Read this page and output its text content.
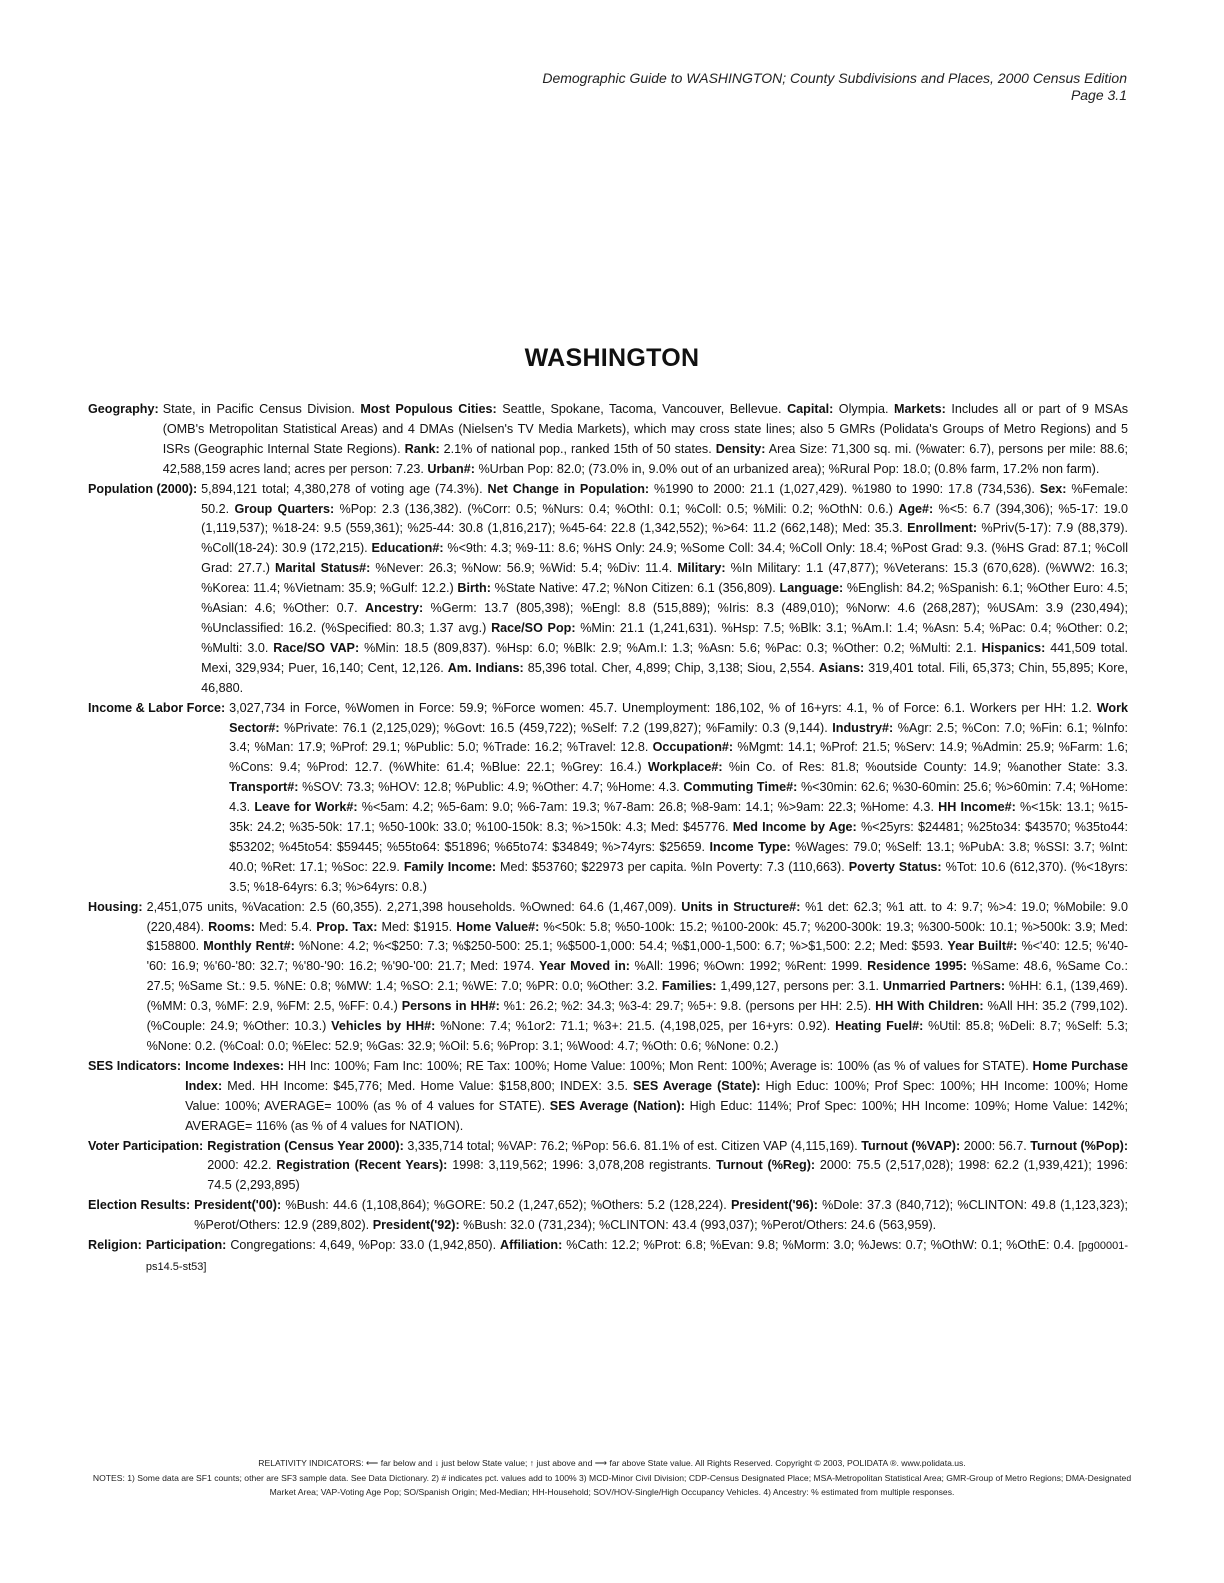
Demographic Guide to WASHINGTON; County Subdivisions and Places, 2000 Census Edition
Page 3.1
WASHINGTON
Geography: State, in Pacific Census Division. Most Populous Cities: Seattle, Spokane, Tacoma, Vancouver, Bellevue. Capital: Olympia. Markets: Includes all or part of 9 MSAs (OMB's Metropolitan Statistical Areas) and 4 DMAs (Nielsen's TV Media Markets), which may cross state lines; also 5 GMRs (Polidata's Groups of Metro Regions) and 5 ISRs (Geographic Internal State Regions). Rank: 2.1% of national pop., ranked 15th of 50 states. Density: Area Size: 71,300 sq. mi. (%water: 6.7), persons per mile: 88.6; 42,588,159 acres land; acres per person: 7.23. Urban#: %Urban Pop: 82.0; (73.0% in, 9.0% out of an urbanized area); %Rural Pop: 18.0; (0.8% farm, 17.2% non farm).
Population (2000): 5,894,121 total; 4,380,278 of voting age (74.3%). Net Change in Population: %1990 to 2000: 21.1 (1,027,429). %1980 to 1990: 17.8 (734,536). Sex: %Female: 50.2. Group Quarters: %Pop: 2.3 (136,382). (%Corr: 0.5; %Nurs: 0.4; %OthI: 0.1; %Coll: 0.5; %Mili: 0.2; %OthN: 0.6.) Age#: %<5: 6.7 (394,306); %5-17: 19.0 (1,119,537); %18-24: 9.5 (559,361); %25-44: 30.8 (1,816,217); %45-64: 22.8 (1,342,552); %>64: 11.2 (662,148); Med: 35.3. Enrollment: %Priv(5-17): 7.9 (88,379). %Coll(18-24): 30.9 (172,215). Education#: %<9th: 4.3; %9-11: 8.6; %HS Only: 24.9; %Some Coll: 34.4; %Coll Only: 18.4; %Post Grad: 9.3. (%HS Grad: 87.1; %Coll Grad: 27.7.) Marital Status#: %Never: 26.3; %Now: 56.9; %Wid: 5.4; %Div: 11.4. Military: %In Military: 1.1 (47,877); %Veterans: 15.3 (670,628). (%WW2: 16.3; %Korea: 11.4; %Vietnam: 35.9; %Gulf: 12.2.) Birth: %State Native: 47.2; %Non Citizen: 6.1 (356,809). Language: %English: 84.2; %Spanish: 6.1; %Other Euro: 4.5; %Asian: 4.6; %Other: 0.7. Ancestry: %Germ: 13.7 (805,398); %Engl: 8.8 (515,889); %Iris: 8.3 (489,010); %Norw: 4.6 (268,287); %USAm: 3.9 (230,494); %Unclassified: 16.2. (%Specified: 80.3; 1.37 avg.) Race/SO Pop: %Min: 21.1 (1,241,631). %Hsp: 7.5; %Blk: 3.1; %Am.I: 1.4; %Asn: 5.4; %Pac: 0.4; %Other: 0.2; %Multi: 3.0. Race/SO VAP: %Min: 18.5 (809,837). %Hsp: 6.0; %Blk: 2.9; %Am.I: 1.3; %Asn: 5.6; %Pac: 0.3; %Other: 0.2; %Multi: 2.1. Hispanics: 441,509 total. Mexi, 329,934; Puer, 16,140; Cent, 12,126. Am. Indians: 85,396 total. Cher, 4,899; Chip, 3,138; Siou, 2,554. Asians: 319,401 total. Fili, 65,373; Chin, 55,895; Kore, 46,880.
Income & Labor Force: 3,027,734 in Force, %Women in Force: 59.9; %Force women: 45.7. Unemployment: 186,102, % of 16+yrs: 4.1, % of Force: 6.1. Workers per HH: 1.2. Work Sector#: %Private: 76.1 (2,125,029); %Govt: 16.5 (459,722); %Self: 7.2 (199,827); %Family: 0.3 (9,144). Industry#: %Agr: 2.5; %Con: 7.0; %Fin: 6.1; %Info: 3.4; %Man: 17.9; %Prof: 29.1; %Public: 5.0; %Trade: 16.2; %Travel: 12.8. Occupation#: %Mgmt: 14.1; %Prof: 21.5; %Serv: 14.9; %Admin: 25.9; %Farm: 1.6; %Cons: 9.4; %Prod: 12.7. (%White: 61.4; %Blue: 22.1; %Grey: 16.4.) Workplace#: %in Co. of Res: 81.8; %outside County: 14.9; %another State: 3.3. Transport#: %SOV: 73.3; %HOV: 12.8; %Public: 4.9; %Other: 4.7; %Home: 4.3. Commuting Time#: %<30min: 62.6; %30-60min: 25.6; %>60min: 7.4; %Home: 4.3. Leave for Work#: %<5am: 4.2; %5-6am: 9.0; %6-7am: 19.3; %7-8am: 26.8; %8-9am: 14.1; %>9am: 22.3; %Home: 4.3. HH Income#: %<15k: 13.1; %15-35k: 24.2; %35-50k: 17.1; %50-100k: 33.0; %100-150k: 8.3; %>150k: 4.3; Med: $45776. Med Income by Age: %<25yrs: $24481; %25to34: $43570; %35to44: $53202; %45to54: $59445; %55to64: $51896; %65to74: $34849; %>74yrs: $25659. Income Type: %Wages: 79.0; %Self: 13.1; %PubA: 3.8; %SSI: 3.7; %Int: 40.0; %Ret: 17.1; %Soc: 22.9. Family Income: Med: $53760; $22973 per capita. %In Poverty: 7.3 (110,663). Poverty Status: %Tot: 10.6 (612,370). (%<18yrs: 3.5; %18-64yrs: 6.3; %>64yrs: 0.8.)
Housing: 2,451,075 units, %Vacation: 2.5 (60,355). 2,271,398 households. %Owned: 64.6 (1,467,009). Units in Structure#: %1 det: 62.3; %1 att. to 4: 9.7; %>4: 19.0; %Mobile: 9.0 (220,484). Rooms: Med: 5.4. Prop. Tax: Med: $1915. Home Value#: %<50k: 5.8; %50-100k: 15.2; %100-200k: 45.7; %200-300k: 19.3; %300-500k: 10.1; %>500k: 3.9; Med: $158800. Monthly Rent#: %None: 4.2; %<$250: 7.3; %$250-500: 25.1; %$500-1,000: 54.4; %$1,000-1,500: 6.7; %>$1,500: 2.2; Med: $593. Year Built#: %<'40: 12.5; %'40-'60: 16.9; %'60-'80: 32.7; %'80-'90: 16.2; %'90-'00: 21.7; Med: 1974. Year Moved in: %All: 1996; %Own: 1992; %Rent: 1999. Residence 1995: %Same: 48.6, %Same Co.: 27.5; %Same St.: 9.5. %NE: 0.8; %MW: 1.4; %SO: 2.1; %WE: 7.0; %PR: 0.0; %Other: 3.2. Families: 1,499,127, persons per: 3.1. Unmarried Partners: %HH: 6.1, (139,469). (%MM: 0.3, %MF: 2.9, %FM: 2.5, %FF: 0.4.) Persons in HH#: %1: 26.2; %2: 34.3; %3-4: 29.7; %5+: 9.8. (persons per HH: 2.5). HH With Children: %All HH: 35.2 (799,102). (%Couple: 24.9; %Other: 10.3.) Vehicles by HH#: %None: 7.4; %1or2: 71.1; %3+: 21.5. (4,198,025, per 16+yrs: 0.92). Heating Fuel#: %Util: 85.8; %Deli: 8.7; %Self: 5.3; %None: 0.2. (%Coal: 0.0; %Elec: 52.9; %Gas: 32.9; %Oil: 5.6; %Prop: 3.1; %Wood: 4.7; %Oth: 0.6; %None: 0.2.)
SES Indicators: Income Indexes: HH Inc: 100%; Fam Inc: 100%; RE Tax: 100%; Home Value: 100%; Mon Rent: 100%; Average is: 100% (as % of values for STATE). Home Purchase Index: Med. HH Income: $45,776; Med. Home Value: $158,800; INDEX: 3.5. SES Average (State): High Educ: 100%; Prof Spec: 100%; HH Income: 100%; Home Value: 100%; AVERAGE= 100% (as % of 4 values for STATE). SES Average (Nation): High Educ: 114%; Prof Spec: 100%; HH Income: 109%; Home Value: 142%; AVERAGE= 116% (as % of 4 values for NATION).
Voter Participation: Registration (Census Year 2000): 3,335,714 total; %VAP: 76.2; %Pop: 56.6. 81.1% of est. Citizen VAP (4,115,169). Turnout (%VAP): 2000: 56.7. Turnout (%Pop): 2000: 42.2. Registration (Recent Years): 1998: 3,119,562; 1996: 3,078,208 registrants. Turnout (%Reg): 2000: 75.5 (2,517,028); 1998: 62.2 (1,939,421); 1996: 74.5 (2,293,895)
Election Results: President('00): %Bush: 44.6 (1,108,864); %GORE: 50.2 (1,247,652); %Others: 5.2 (128,224). President('96): %Dole: 37.3 (840,712); %CLINTON: 49.8 (1,123,323); %Perot/Others: 12.9 (289,802). President('92): %Bush: 32.0 (731,234); %CLINTON: 43.4 (993,037); %Perot/Others: 24.6 (563,959).
Religion: Participation: Congregations: 4,649, %Pop: 33.0 (1,942,850). Affiliation: %Cath: 12.2; %Prot: 6.8; %Evan: 9.8; %Morm: 3.0; %Jews: 0.7; %OthW: 0.1; %OthE: 0.4. [pg00001-ps14.5-st53]
RELATIVITY INDICATORS: ⟵ far below and ↓ just below State value; ↑ just above and ⟶ far above State value. All Rights Reserved. Copyright © 2003, POLIDATA ®. www.polidata.us.
NOTES: 1) Some data are SF1 counts; other are SF3 sample data. See Data Dictionary. 2) # indicates pct. values add to 100% 3) MCD-Minor Civil Division; CDP-Census Designated Place; MSA-Metropolitan Statistical Area; GMR-Group of Metro Regions; DMA-Designated Market Area; VAP-Voting Age Pop; SO/Spanish Origin; Med-Median; HH-Household; SOV/HOV-Single/High Occupancy Vehicles. 4) Ancestry: % estimated from multiple responses.
